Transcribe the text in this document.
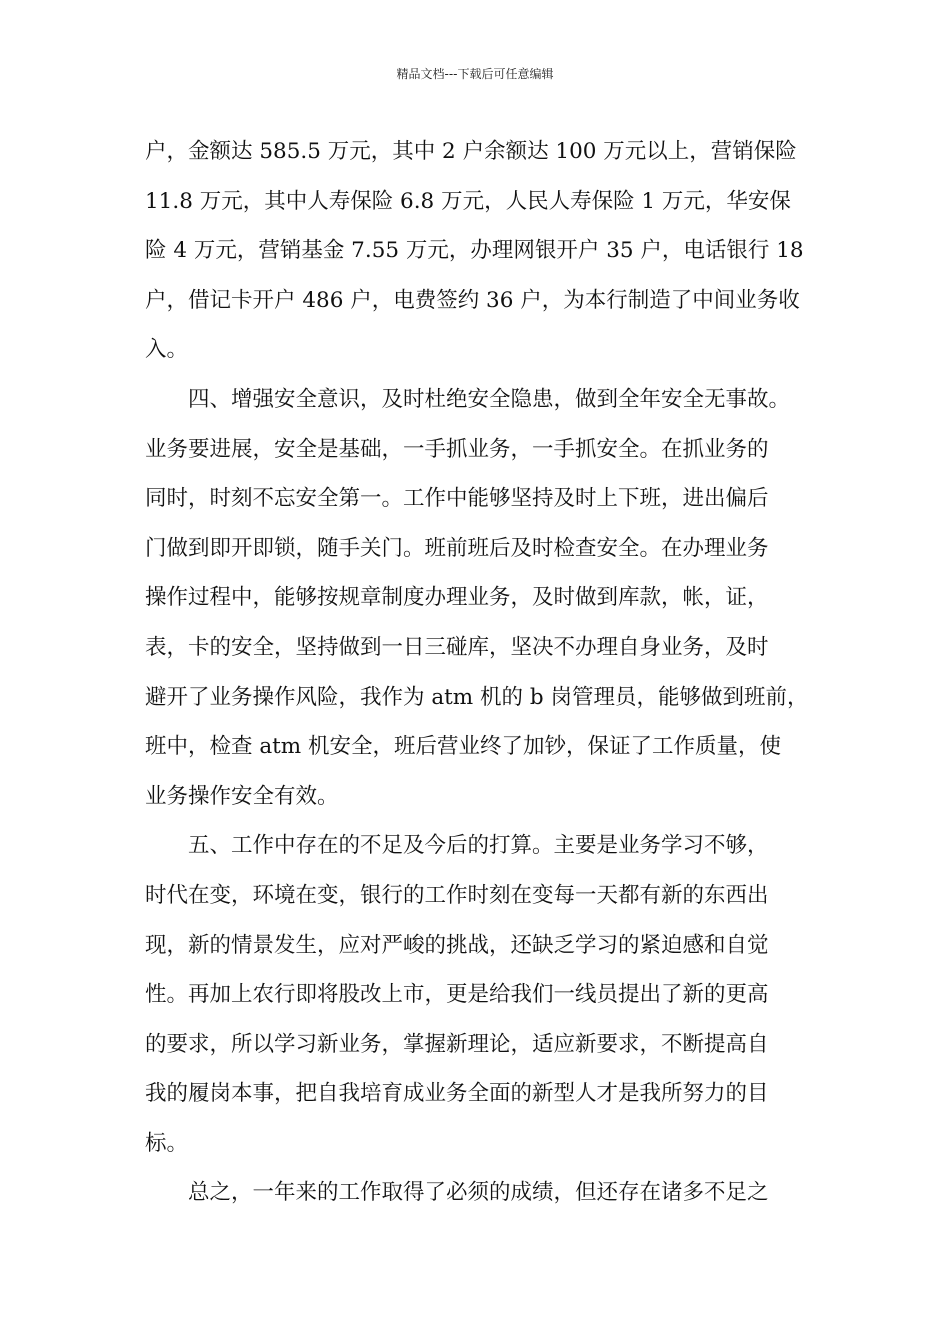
精品文档---下载后可任意编辑
户，金额达 585.5 万元，其中 2 户余额达 100 万元以上，营销保险
11.8 万元，其中人寿保险 6.8 万元，人民人寿保险 1 万元，华安保
险 4 万元，营销基金 7.55 万元，办理网银开户 35 户，电话银行 18
户，借记卡开户 486 户，电费签约 36 户，为本行制造了中间业务收
入。
四、增强安全意识，及时杜绝安全隐患，做到全年安全无事故。
业务要进展，安全是基础，一手抓业务，一手抓安全。在抓业务的
同时，时刻不忘安全第一。工作中能够坚持及时上下班，进出偏后
门做到即开即锁，随手关门。班前班后及时检查安全。在办理业务
操作过程中，能够按规章制度办理业务，及时做到库款，帐，证，
表，卡的安全，坚持做到一日三碰库，坚决不办理自身业务，及时
避开了业务操作风险，我作为 atm 机的 b 岗管理员，能够做到班前，
班中，检查 atm 机安全，班后营业终了加钞，保证了工作质量，使
业务操作安全有效。
五、工作中存在的不足及今后的打算。主要是业务学习不够，
时代在变，环境在变，银行的工作时刻在变每一天都有新的东西出
现，新的情景发生，应对严峻的挑战，还缺乏学习的紧迫感和自觉
性。再加上农行即将股改上市，更是给我们一线员提出了新的更高
的要求，所以学习新业务，掌握新理论，适应新要求，不断提高自
我的履岗本事，把自我培育成业务全面的新型人才是我所努力的目
标。
总之，一年来的工作取得了必须的成绩，但还存在诸多不足之
